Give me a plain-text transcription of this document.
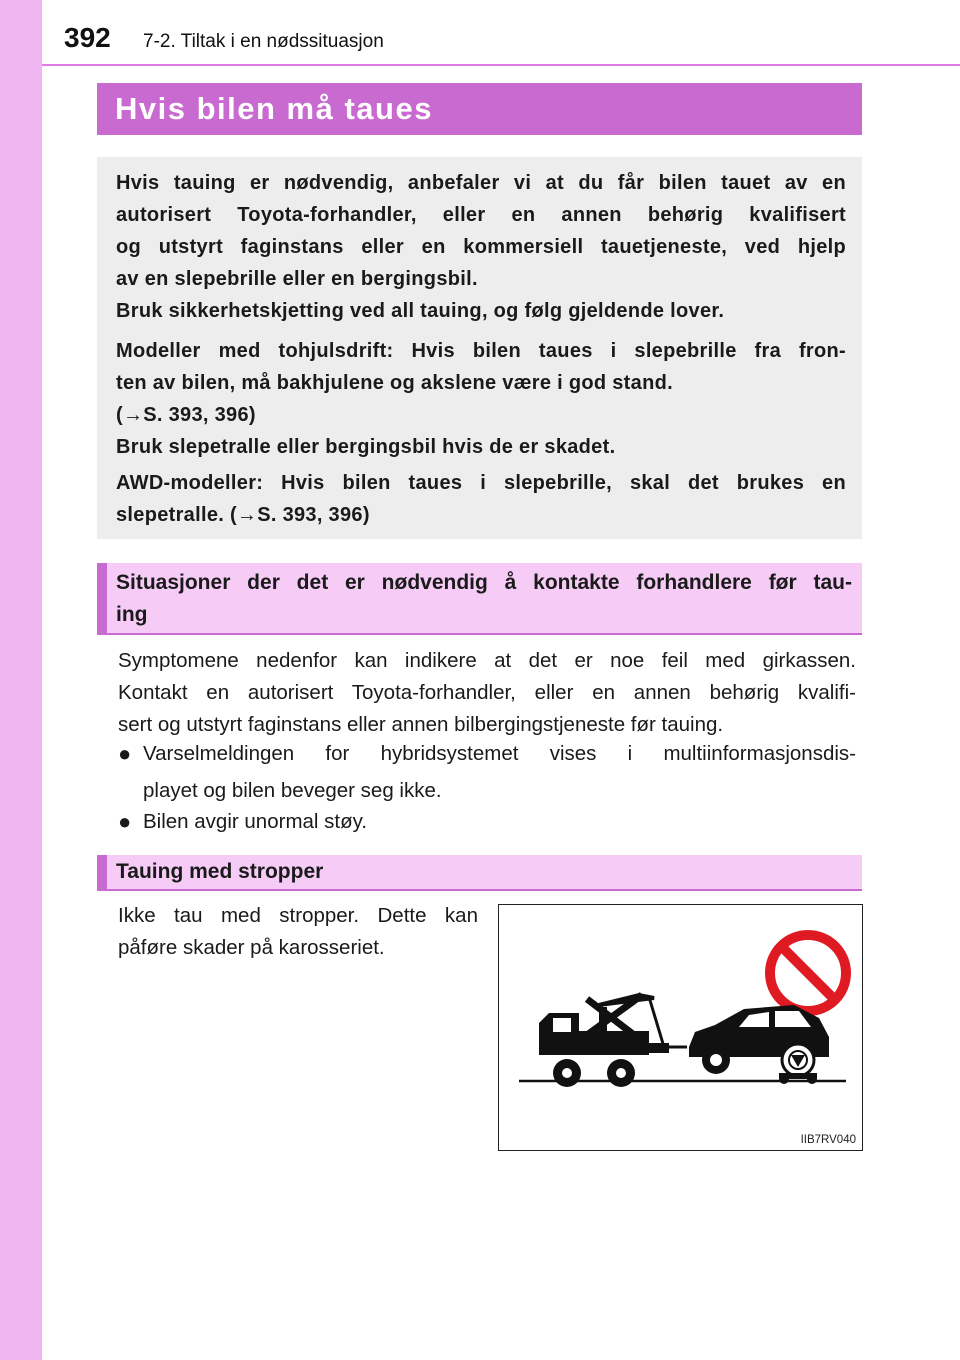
392 7-2. Tiltak i en nødssituasjon
Hvis bilen må taues

Hvis tauing er nødvendig, anbefaler vi at du får bilen tauet av en
autorisert Toyota-forhandler, eller en annen behørig kvalifisert
og utstyrt faginstans eller en kommersiell tauetjeneste, ved hjelp
av en slepebrille eller en bergingsbil.
Bruk sikkerhetskjetting ved all tauing, og følg gjeldende lover.

Modeller med tohjulsdrift: Hvis bilen taues i slepebrille fra fron-
ten av bilen, må bakhjulene og akslene være i god stand.
(→S. 393, 396)
Bruk slepetralle eller bergingsbil hvis de er skadet.

AWD-modeller: Hvis bilen taues i slepebrille, skal det brukes en
slepetralle. (→S. 393, 396)

Situasjoner der det er nødvendig å kontakte forhandlere før tau-
ing

Symptomene nedenfor kan indikere at det er noe feil med girkassen.
Kontakt en autorisert Toyota-forhandler, eller en annen behørig kvalifi-
sert og utstyrt faginstans eller annen bilbergingstjeneste før tauing.

● Varselmeldingen for hybridsystemet vises i multiinformasjonsdis-
playet og bilen beveger seg ikke.
● Bilen avgir unormal støy.
Tauing med stropper

Ikke tau med stropper. Dette kan
påføre skader på karosseriet.

IIB7RV040
